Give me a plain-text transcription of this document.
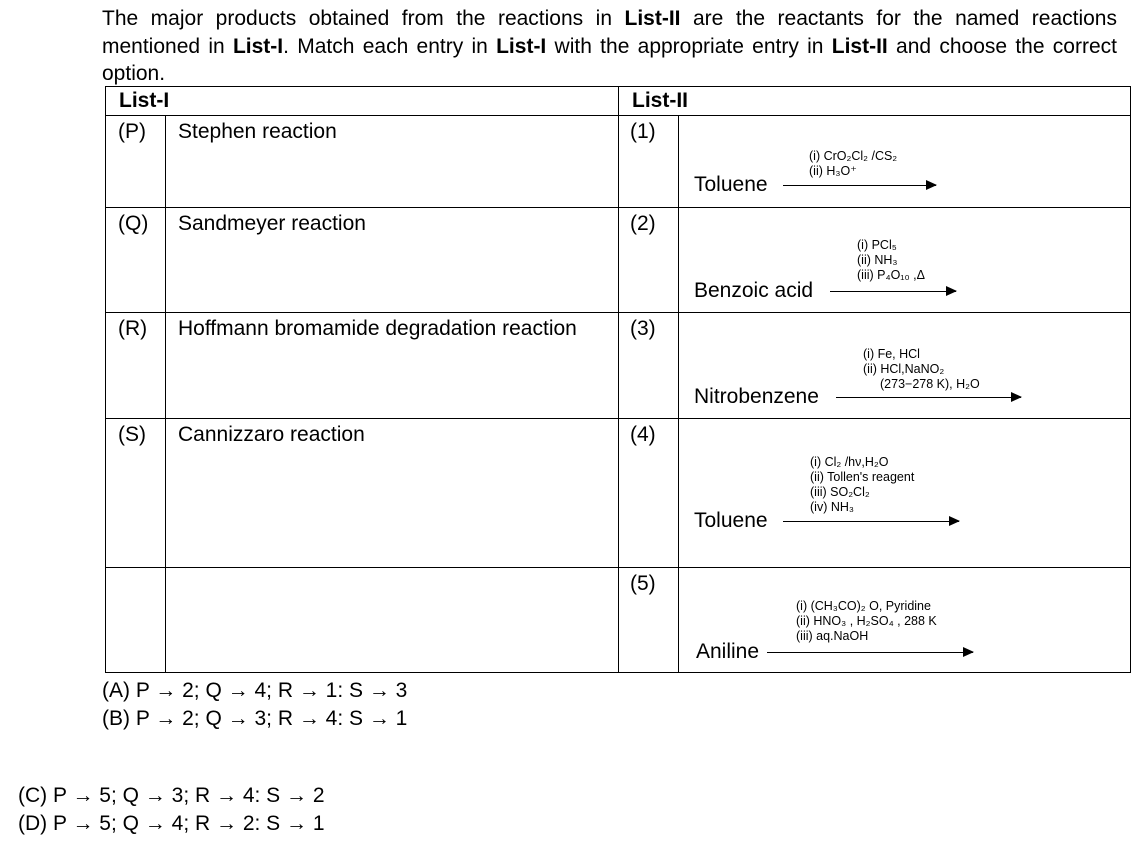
The major products obtained from the reactions in List-II are the reactants for the named reactions mentioned in List-I. Match each entry in List-I with the appropriate entry in List-II and choose the correct option.
List-I		List-II	
(P)	Stephen reaction	(1)	(i) CrO₂Cl₂ /CS₂
(ii) H₃O⁺
Toluene

(Q)	Sandmeyer reaction	(2)	(i) PCl₅
(ii) NH₃
(iii) P₄O₁₀ ,Δ
Benzoic acid

(R)	Hoffmann bromamide degradation reaction	(3)	(i) Fe, HCl
(ii) HCl,NaNO₂
(273−278 K), H₂O
Nitrobenzene

(S)	Cannizzaro reaction	(4)	(i) Cl₂ /hν,H₂O
(ii) Tollen's reagent
(iii) SO₂Cl₂
(iv) NH₃
Toluene

		(5)	(i) (CH₃CO)₂ O, Pyridine
(ii) HNO₃ , H₂SO₄ , 288 K
(iii) aq.NaOH
Aniline
(A) P → 2; Q → 4; R → 1: S → 3
(B) P → 2; Q → 3; R → 4: S → 1
(C) P → 5; Q → 3; R → 4: S → 2
(D) P → 5; Q → 4; R → 2: S → 1
